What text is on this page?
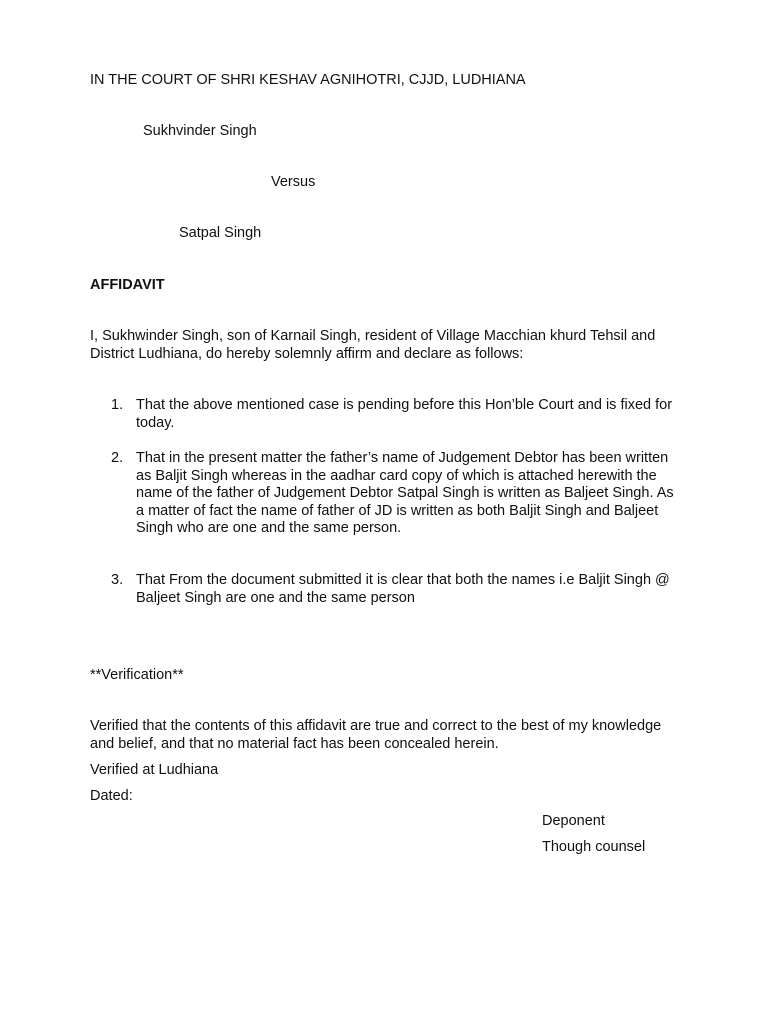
IN THE COURT OF SHRI KESHAV AGNIHOTRI, CJJD, LUDHIANA
Sukhvinder Singh
Versus
Satpal Singh
AFFIDAVIT
I, Sukhwinder Singh, son of Karnail Singh, resident of Village Macchian khurd Tehsil and District Ludhiana, do hereby solemnly affirm and declare as follows:
1. That the above mentioned case is pending before this Hon’ble Court and is fixed for today.
2. That in the present matter the father’s name of Judgement Debtor has been written as Baljit Singh whereas in the aadhar card copy of which is attached herewith the name of the father of Judgement Debtor Satpal Singh is written as Baljeet Singh. As a matter of fact the name of father of JD is written as both Baljit Singh and Baljeet Singh who are one and the same person.
3. That From the document submitted it is clear that both the names i.e Baljit Singh @ Baljeet Singh are one and the same person
**Verification**
Verified that the contents of this affidavit are true and correct to the best of my knowledge and belief, and that no material fact has been concealed herein.
Verified at Ludhiana
Dated:
Deponent
Though counsel
